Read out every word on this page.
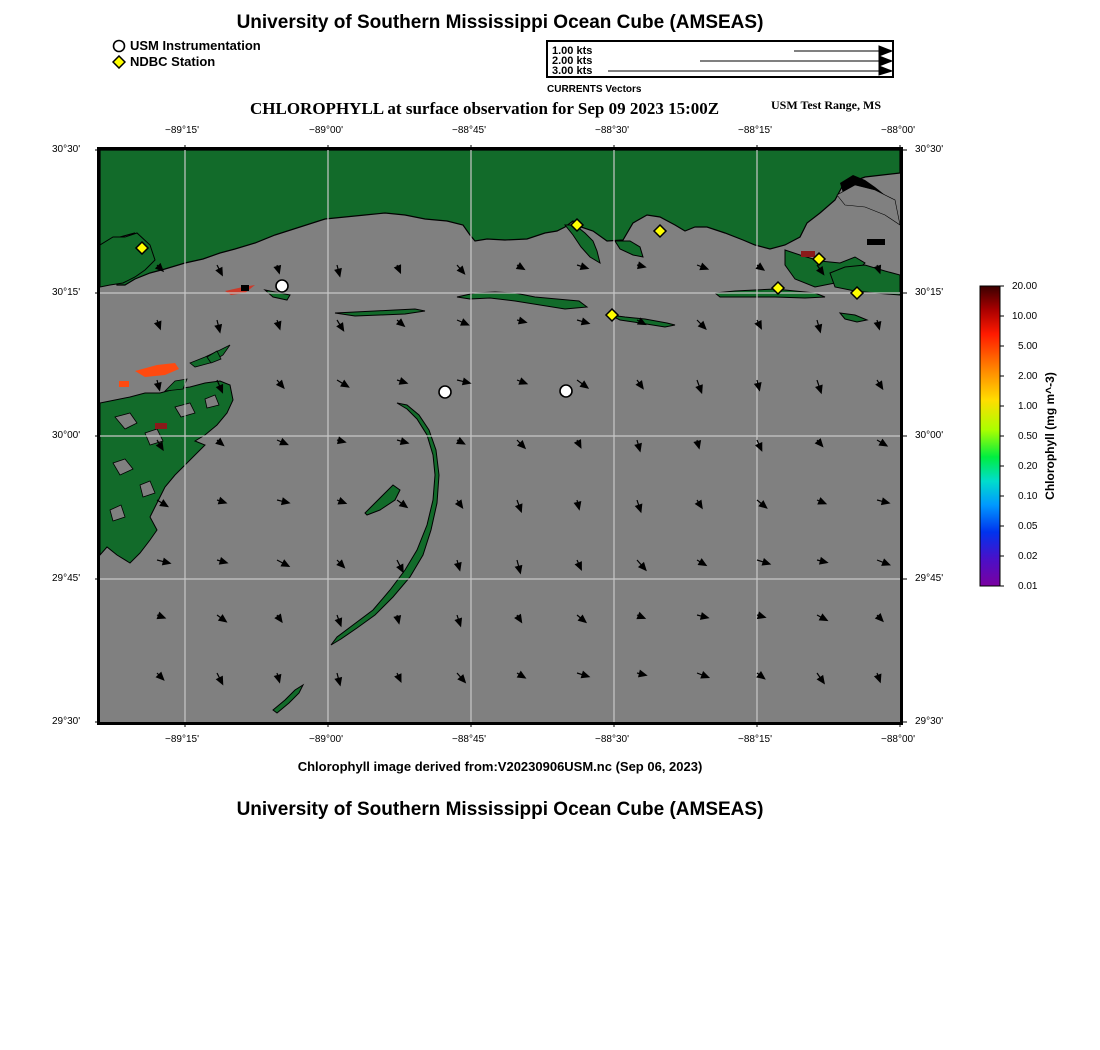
University of Southern Mississippi Ocean Cube (AMSEAS)
USM Instrumentation
NDBC Station
1.00 kts
2.00 kts
3.00 kts
CURRENTS Vectors
CHLOROPHYLL at surface observation for Sep 09 2023 15:00Z	USM Test Range, MS
−89°15'	−89°00'	−88°45'	−88°30'	−88°15'	−88°00'
−89°15'	−89°00'	−88°45'	−88°30'	−88°15'	−88°00'
30°30'
30°15'
30°00'
29°45'
29°30'
30°30'
30°15'
30°00'
29°45'
29°30'
20.00
10.00
5.00
2.00
1.00
0.50
0.20
0.10
0.05
0.02
0.01
Chlorophyll (mg m^-3)
Chlorophyll image derived from:V20230906USM.nc (Sep 06, 2023)
University of Southern Mississippi Ocean Cube (AMSEAS)
